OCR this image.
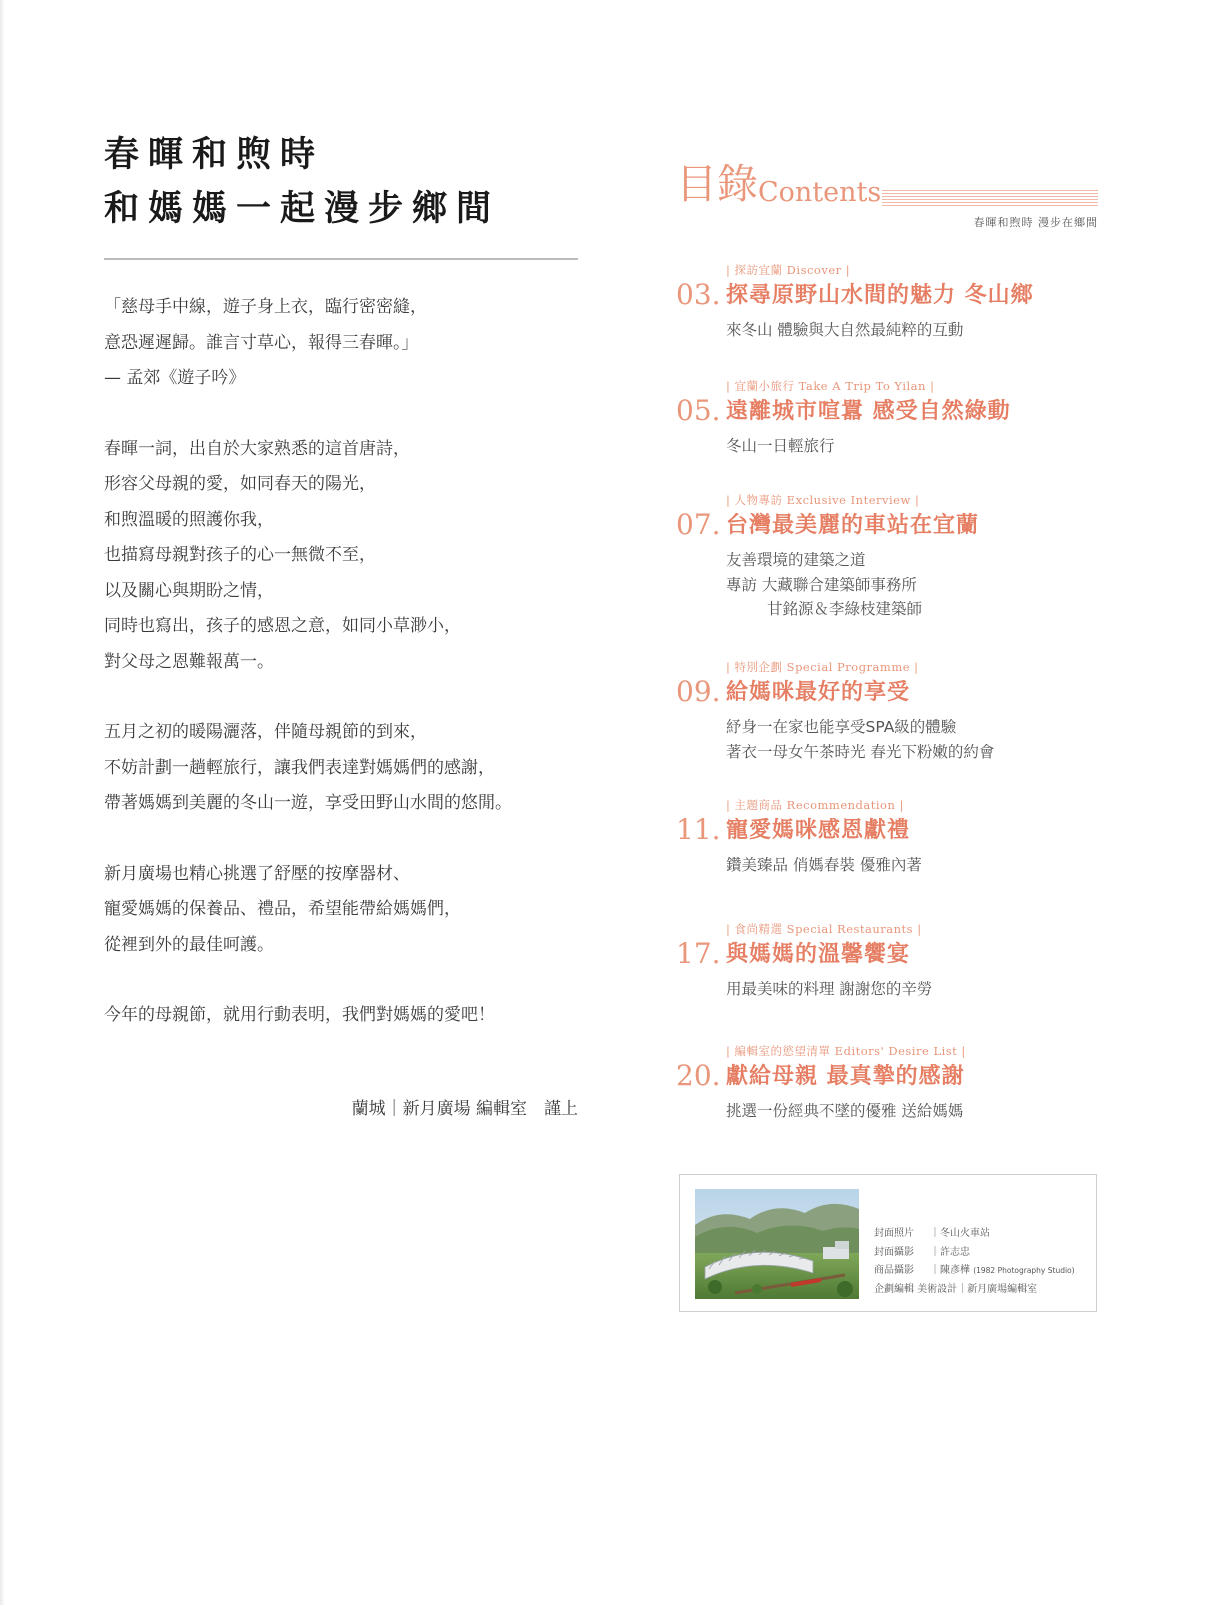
春暉和煦時
和媽媽一起漫步鄉間
「慈母手中線，遊子身上衣，臨行密密縫，
意恐遲遲歸。誰言寸草心，報得三春暉。」
— 孟郊《遊子吟》
春暉一詞，出自於大家熟悉的這首唐詩，
形容父母親的愛，如同春天的陽光，
和煦溫暖的照護你我，
也描寫母親對孩子的心一無微不至，
以及關心與期盼之情，
同時也寫出，孩子的感恩之意，如同小草渺小，
對父母之恩難報萬一。
五月之初的暖陽灑落，伴隨母親節的到來，
不妨計劃一趟輕旅行，讓我們表達對媽媽們的感謝，
帶著媽媽到美麗的冬山一遊，享受田野山水間的悠閒。
新月廣場也精心挑選了舒壓的按摩器材、
寵愛媽媽的保養品、禮品，希望能帶給媽媽們，
從裡到外的最佳呵護。
今年的母親節，就用行動表明，我們對媽媽的愛吧！
蘭城｜新月廣場 編輯室　謹上
目錄 Contents
春暉和煦時 漫步在鄉間
| 探訪宜蘭 Discover |
03. 探尋原野山水間的魅力 冬山鄉
來冬山 體驗與大自然最純粹的互動
| 宜蘭小旅行 Take A Trip To Yilan |
05. 遠離城市喧囂 感受自然綠動
冬山一日輕旅行
| 人物專訪 Exclusive Interview |
07. 台灣最美麗的車站在宜蘭
友善環境的建築之道
專訪 大藏聯合建築師事務所
甘銘源＆李綠枝建築師
| 特別企劃 Special Programme |
09. 給媽咪最好的享受
紓身一在家也能享受SPA級的體驗
著衣一母女午茶時光 春光下粉嫩的約會
| 主題商品 Recommendation |
11. 寵愛媽咪感恩獻禮
鑽美臻品 俏媽春裝 優雅內著
| 食尚精選 Special Restaurants |
17. 與媽媽的溫馨饗宴
用最美味的料理 謝謝您的辛勞
| 編輯室的慾望清單 Editors' Desire List |
20. 獻給母親 最真摯的感謝
挑選一份經典不墜的優雅 送給媽媽
封面照片 ｜冬山火車站
封面攝影 ｜許志忠
商品攝影 ｜陳彥樺 (1982 Photography Studio)
企劃編輯 美術設計｜新月廣場編輯室
